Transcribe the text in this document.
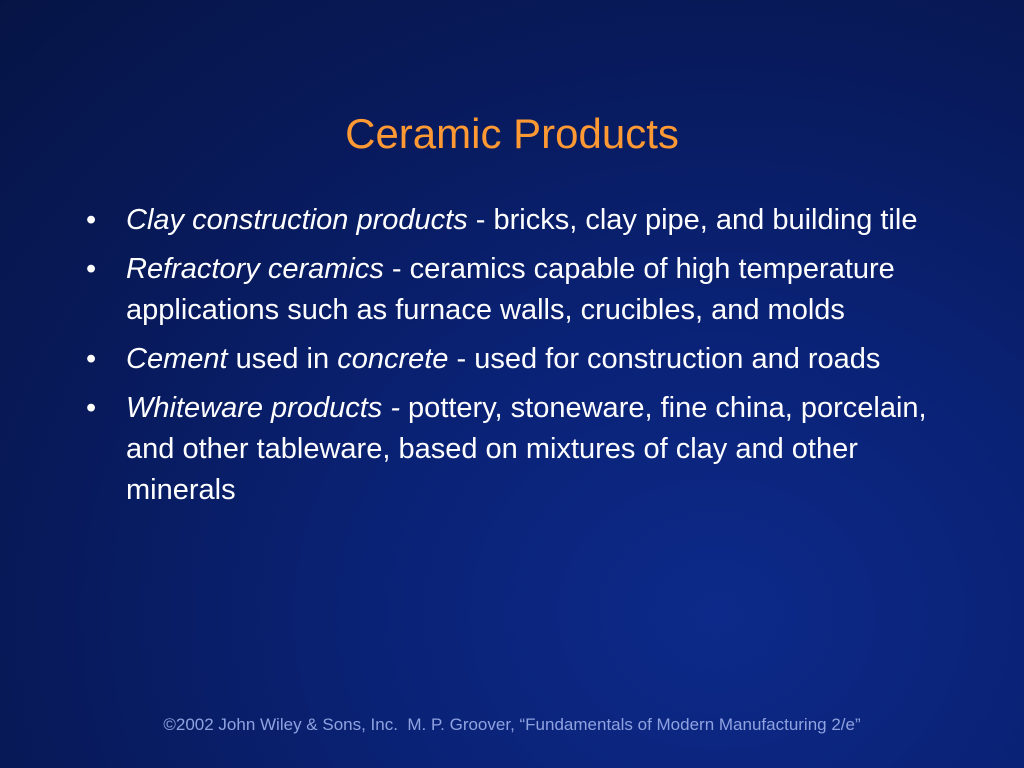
Ceramic Products
• Clay construction products - bricks, clay pipe, and building tile
• Refractory ceramics - ceramics capable of high temperature applications such as furnace walls, crucibles, and molds
• Cement used in concrete - used for construction and roads
• Whiteware products - pottery, stoneware, fine china, porcelain, and other tableware, based on mixtures of clay and other minerals
©2002 John Wiley & Sons, Inc.  M. P. Groover, “Fundamentals of Modern Manufacturing 2/e”
